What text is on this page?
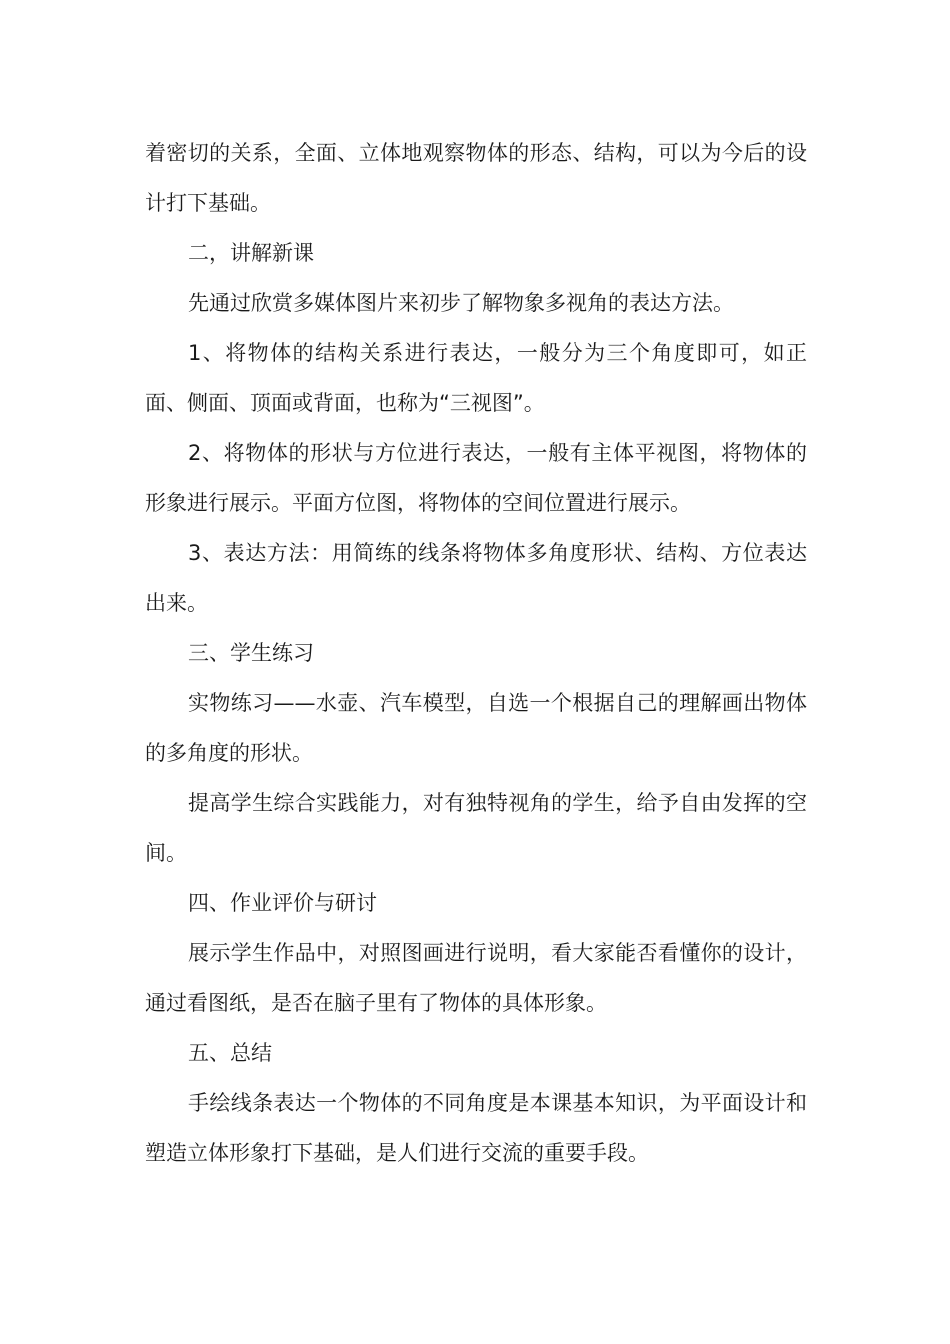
着密切的关系，全面、立体地观察物体的形态、结构，可以为今后的设计打下基础。

二，讲解新课

先通过欣赏多媒体图片来初步了解物象多视角的表达方法。

1、将物体的结构关系进行表达，一般分为三个角度即可，如正面、侧面、顶面或背面，也称为“三视图”。

2、将物体的形状与方位进行表达，一般有主体平视图，将物体的形象进行展示。平面方位图，将物体的空间位置进行展示。

3、表达方法：用简练的线条将物体多角度形状、结构、方位表达出来。

三、学生练习

实物练习——水壶、汽车模型，自选一个根据自己的理解画出物体的多角度的形状。

提高学生综合实践能力，对有独特视角的学生，给予自由发挥的空间。

四、作业评价与研讨

展示学生作品中，对照图画进行说明，看大家能否看懂你的设计，通过看图纸，是否在脑子里有了物体的具体形象。

五、总结

手绘线条表达一个物体的不同角度是本课基本知识，为平面设计和塑造立体形象打下基础，是人们进行交流的重要手段。
